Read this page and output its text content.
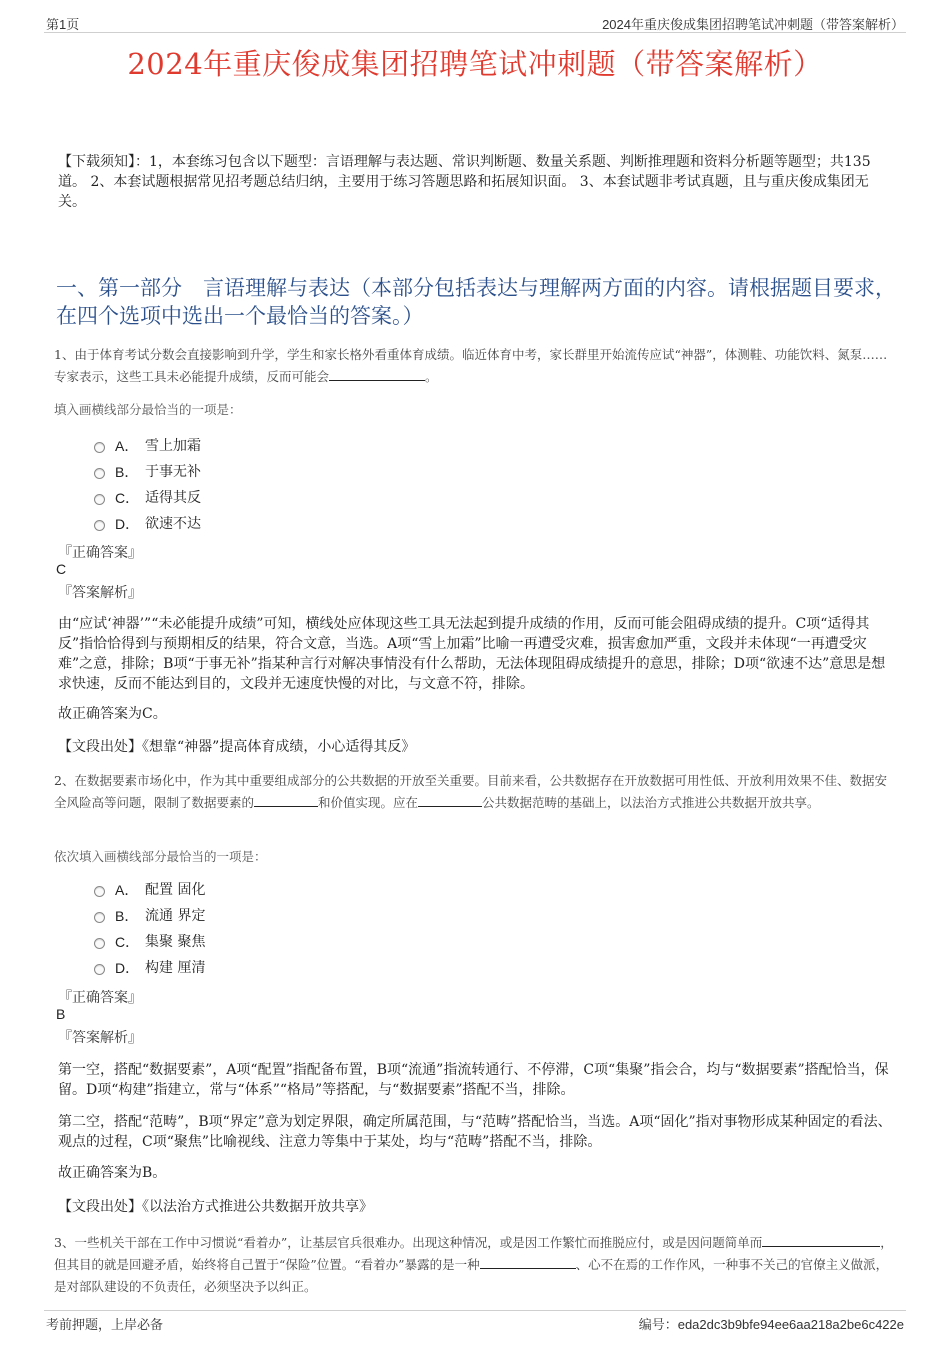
第1页	2024年重庆俊成集团招聘笔试冲刺题（带答案解析）
2024年重庆俊成集团招聘笔试冲刺题（带答案解析）

【下载须知】：1，本套练习包含以下题型：言语理解与表达题、常识判断题、数量关系题、判断推理题和资料分析题等题型；共135道。 2、本套试题根据常见招考题总结归纳，主要用于练习答题思路和拓展知识面。 3、本套试题非考试真题，且与重庆俊成集团无关。

一、第一部分　言语理解与表达（本部分包括表达与理解两方面的内容。请根据题目要求，在四个选项中选出一个最恰当的答案。）

1、由于体育考试分数会直接影响到升学，学生和家长格外看重体育成绩。临近体育中考，家长群里开始流传应试“神器”，体测鞋、功能饮料、氮泵……专家表示，这些工具未必能提升成绩，反而可能会	。

填入画横线部分最恰当的一项是：

A． 雪上加霜
B． 于事无补
C． 适得其反
D． 欲速不达

『正确答案』

C

『答案解析』

由“应试‘神器’”“未必能提升成绩”可知，横线处应体现这些工具无法起到提升成绩的作用，反而可能会阻碍成绩的提升。C项“适得其反”指恰恰得到与预期相反的结果，符合文意，当选。A项“雪上加霜”比喻一再遭受灾难，损害愈加严重，文段并未体现“一再遭受灾难”之意，排除；B项“于事无补”指某种言行对解决事情没有什么帮助，无法体现阻碍成绩提升的意思，排除；D项“欲速不达”意思是想求快速，反而不能达到目的，文段并无速度快慢的对比，与文意不符，排除。

故正确答案为C。

【文段出处】《想靠“神器”提高体育成绩，小心适得其反》

2、在数据要素市场化中，作为其中重要组成部分的公共数据的开放至关重要。目前来看，公共数据存在开放数据可用性低、开放利用效果不佳、数据安全风险高等问题，限制了数据要素的	和价值实现。应在	公共数据范畴的基础上，以法治方式推进公共数据开放共享。

依次填入画横线部分最恰当的一项是：

A． 配置 固化
B． 流通 界定
C． 集聚 聚焦
D． 构建 厘清

『正确答案』

B

『答案解析』

第一空，搭配“数据要素”，A项“配置”指配备布置，B项“流通”指流转通行、不停滞，C项“集聚”指会合，均与“数据要素”搭配恰当，保留。D项“构建”指建立，常与“体系”“格局”等搭配，与“数据要素”搭配不当，排除。

第二空，搭配“范畴”，B项“界定”意为划定界限，确定所属范围，与“范畴”搭配恰当，当选。A项“固化”指对事物形成某种固定的看法、观点的过程，C项“聚焦”比喻视线、注意力等集中于某处，均与“范畴”搭配不当，排除。

故正确答案为B。

【文段出处】《以法治方式推进公共数据开放共享》

3、一些机关干部在工作中习惯说“看着办”，让基层官兵很难办。出现这种情况，或是因工作繁忙而推脱应付，或是因问题简单而	，但其目的就是回避矛盾，始终将自己置于“保险”位置。“看着办”暴露的是一种	、心不在焉的工作作风，一种事不关己的官僚主义做派，是对部队建设的不负责任，必须坚决予以纠正。

考前押题，上岸必备	编号：eda2dc3b9bfe94ee6aa218a2be6c422e
